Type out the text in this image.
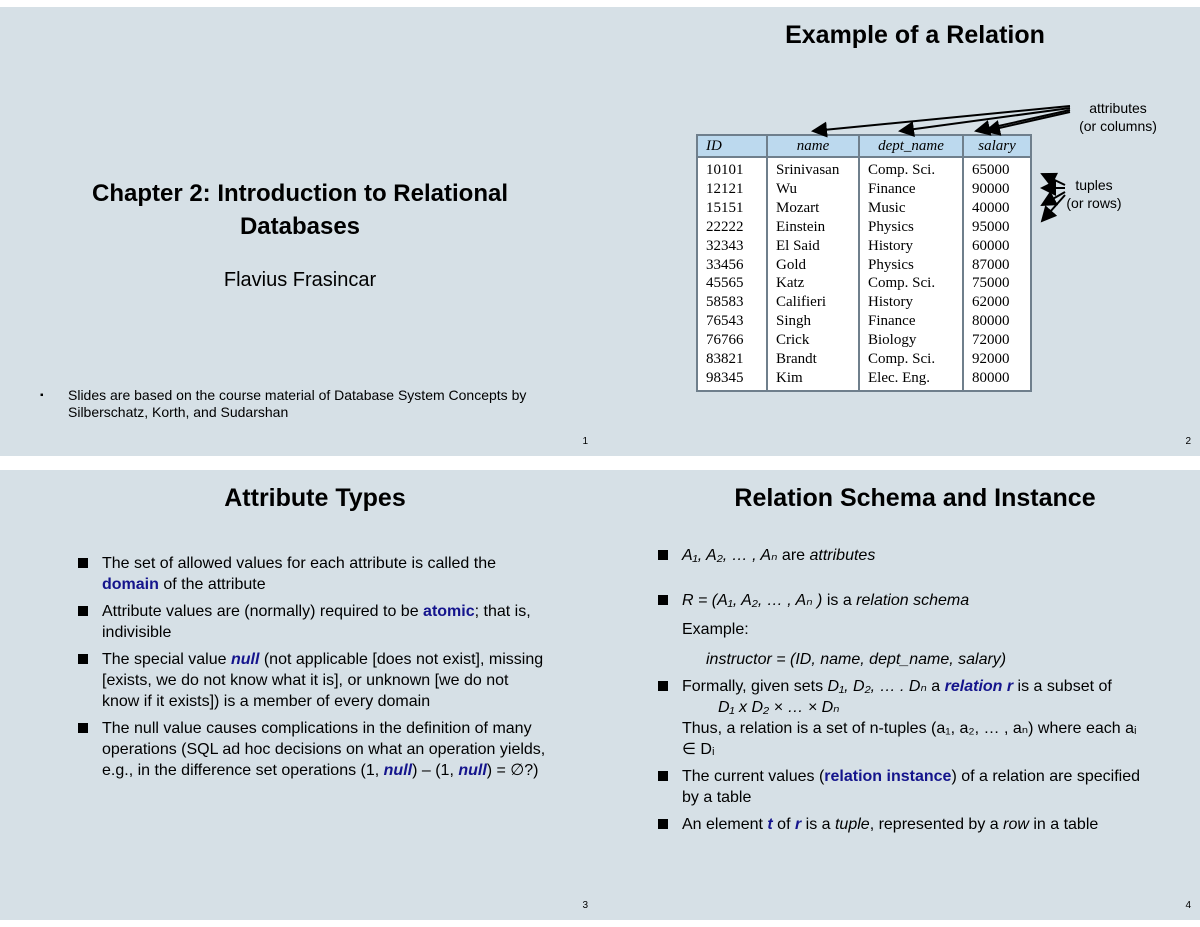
Chapter 2: Introduction to Relational Databases
Flavius Frasincar
▪	Slides are based on the course material of Database System Concepts by Silberschatz, Korth, and Sudarshan
1
Example of a Relation
ID	name	dept_name	salary
10101	Srinivasan	Comp. Sci.	65000
12121	Wu	Finance	90000
15151	Mozart	Music	40000
22222	Einstein	Physics	95000
32343	El Said	History	60000
33456	Gold	Physics	87000
45565	Katz	Comp. Sci.	75000
58583	Califieri	History	62000
76543	Singh	Finance	80000
76766	Crick	Biology	72000
83821	Brandt	Comp. Sci.	92000
98345	Kim	Elec. Eng.	80000
attributes
(or columns)
tuples
(or rows)
2
Attribute Types
The set of allowed values for each attribute is called the domain of the attribute
Attribute values are (normally) required to be atomic; that is, indivisible
The special value null (not applicable [does not exist], missing [exists, we do not know what it is], or unknown [we do not know if it exists]) is a member of every domain
The null value causes complications in the definition of many operations (SQL ad hoc decisions on what an operation yields, e.g., in the difference set operations (1, null) – (1, null) = ∅?)
3
Relation Schema and Instance
A₁, A₂, … , Aₙ are attributes
R = (A₁, A₂, … , Aₙ ) is a relation schema
Example:
instructor = (ID, name, dept_name, salary)
Formally, given sets D₁, D₂, … . Dₙ a relation r is a subset of
D₁ x D₂ × … × Dₙ
Thus, a relation is a set of n-tuples (a₁, a₂, … , aₙ) where each aᵢ ∈ Dᵢ
The current values (relation instance) of a relation are specified by a table
An element t of r is a tuple, represented by a row in a table
4
